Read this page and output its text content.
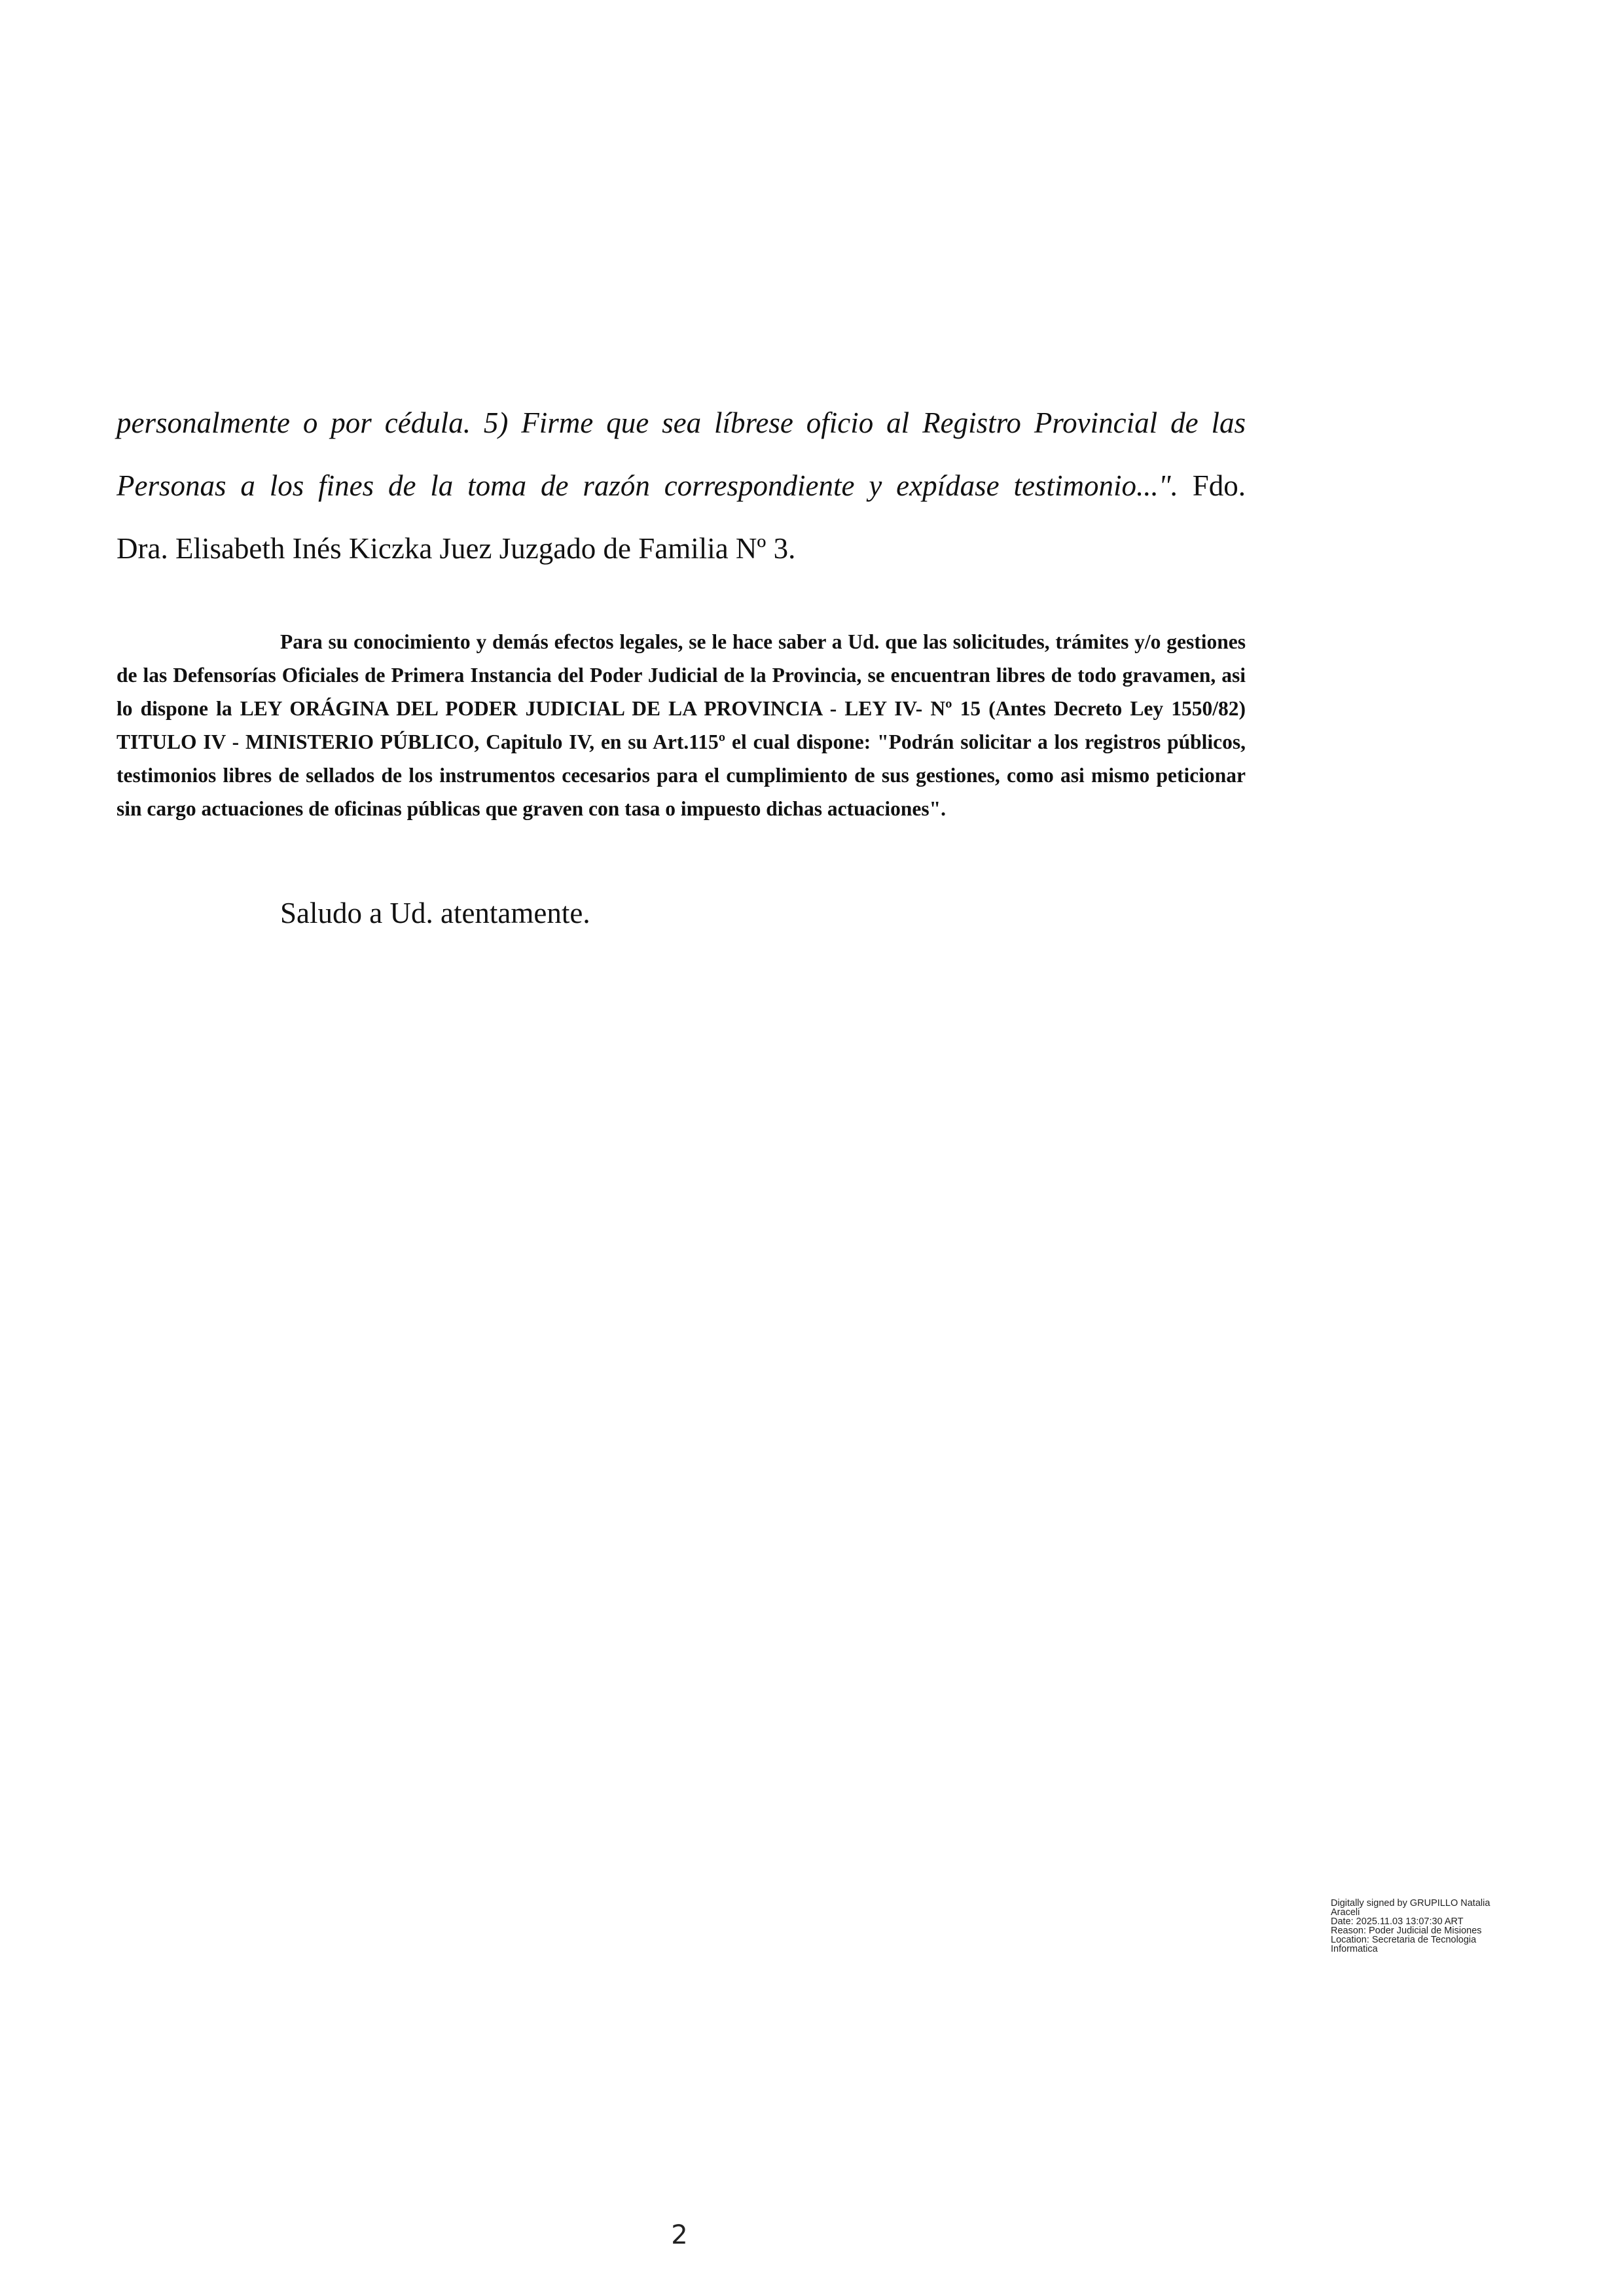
personalmente o por cédula. 5) Firme que sea líbrese oficio al Registro Provincial de las
Personas a los fines de la toma de razón correspondiente y expídase testimonio...". Fdo.
Dra. Elisabeth Inés Kiczka Juez Juzgado de Familia Nº 3.

Para su conocimiento y demás efectos legales, se le hace saber a Ud. que las solicitudes, trámites y/o gestiones de las Defensorías Oficiales de Primera Instancia del Poder Judicial de la Provincia, se encuentran libres de todo gravamen, asi lo dispone la LEY ORÁGINA DEL PODER JUDICIAL DE LA PROVINCIA - LEY IV- Nº 15 (Antes Decreto Ley 1550/82) TITULO IV - MINISTERIO PÚBLICO, Capitulo IV, en su Art.115º el cual dispone: "Podrán solicitar a los registros públicos, testimonios libres de sellados de los instrumentos cecesarios para el cumplimiento de sus gestiones, como asi mismo peticionar sin cargo actuaciones de oficinas públicas que graven con tasa o impuesto dichas actuaciones".

Saludo a Ud. atentamente.

Digitally signed by GRUPILLO Natalia
Araceli
Date: 2025.11.03 13:07:30 ART
Reason: Poder Judicial de Misiones
Location: Secretaria de Tecnologia
Informatica
2
